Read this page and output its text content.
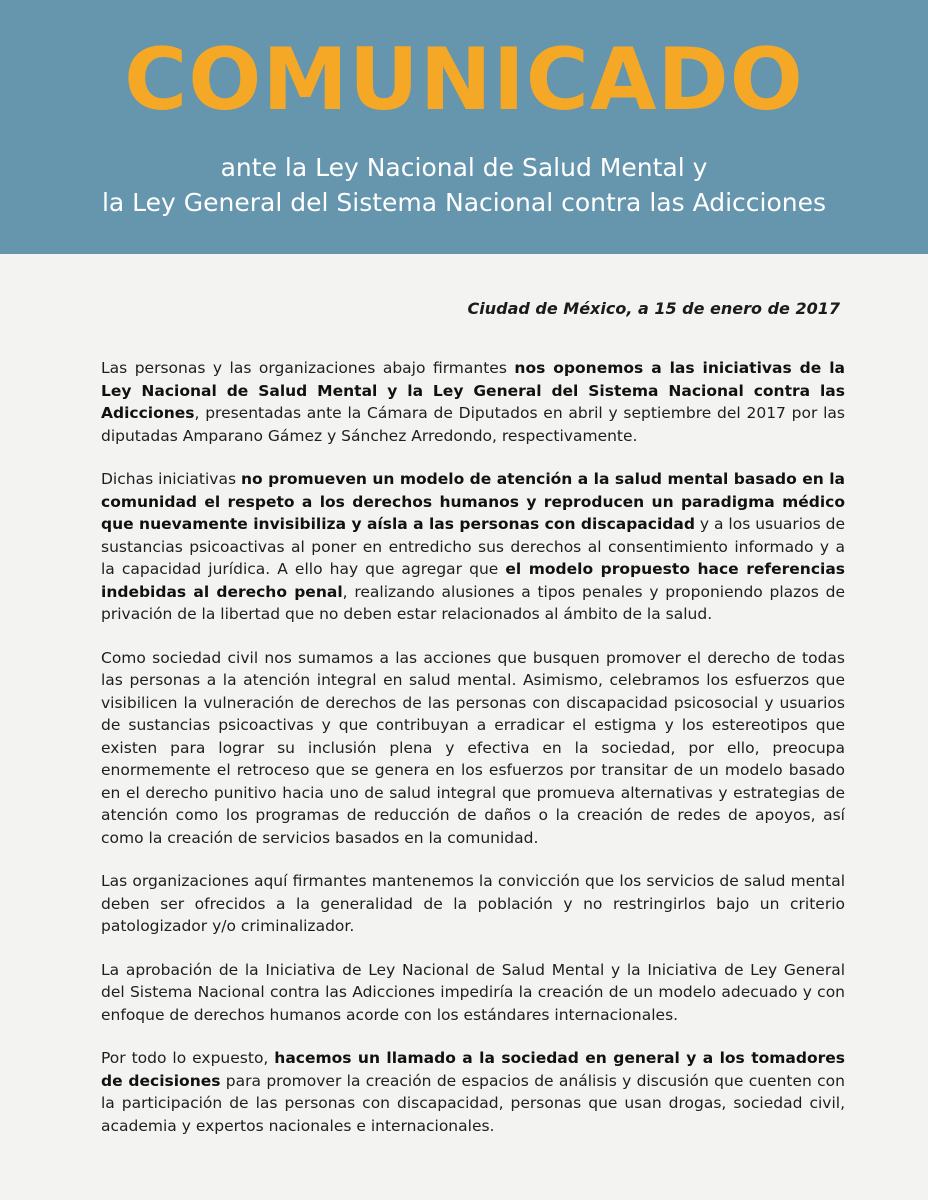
COMUNICADO
ante la Ley Nacional de Salud Mental y
la Ley General del Sistema Nacional contra las Adicciones
Ciudad de México, a 15 de enero de 2017

Las personas y las organizaciones abajo firmantes nos oponemos a las iniciativas de la Ley Nacional de Salud Mental y la Ley General del Sistema Nacional contra las Adicciones, presentadas ante la Cámara de Diputados en abril y septiembre del 2017 por las diputadas Amparano Gámez y Sánchez Arredondo, respectivamente.

Dichas iniciativas no promueven un modelo de atención a la salud mental basado en la comunidad el respeto a los derechos humanos y reproducen un paradigma médico que nuevamente invisibiliza y aísla a las personas con discapacidad y a los usuarios de sustancias psicoactivas al poner en entredicho sus derechos al consentimiento informado y a la capacidad jurídica. A ello hay que agregar que el modelo propuesto hace referencias indebidas al derecho penal, realizando alusiones a tipos penales y proponiendo plazos de privación de la libertad que no deben estar relacionados al ámbito de la salud.

Como sociedad civil nos sumamos a las acciones que busquen promover el derecho de todas las personas a la atención integral en salud mental. Asimismo, celebramos los esfuerzos que visibilicen la vulneración de derechos de las personas con discapacidad psicosocial y usuarios de sustancias psicoactivas y que contribuyan a erradicar el estigma y los estereotipos que existen para lograr su inclusión plena y efectiva en la sociedad, por ello, preocupa enormemente el retroceso que se genera en los esfuerzos por transitar de un modelo basado en el derecho punitivo hacia uno de salud integral que promueva alternativas y estrategias de atención como los programas de reducción de daños o la creación de redes de apoyos, así como la creación de servicios basados en la comunidad.

Las organizaciones aquí firmantes mantenemos la convicción que los servicios de salud mental deben ser ofrecidos a la generalidad de la población y no restringirlos bajo un criterio patologizador y/o criminalizador.

La aprobación de la Iniciativa de Ley Nacional de Salud Mental y la Iniciativa de Ley General del Sistema Nacional contra las Adicciones impediría la creación de un modelo adecuado y con enfoque de derechos humanos acorde con los estándares internacionales.

Por todo lo expuesto, hacemos un llamado a la sociedad en general y a los tomadores de decisiones para promover la creación de espacios de análisis y discusión que cuenten con la participación de las personas con discapacidad, personas que usan drogas, sociedad civil, academia y expertos nacionales e internacionales.
